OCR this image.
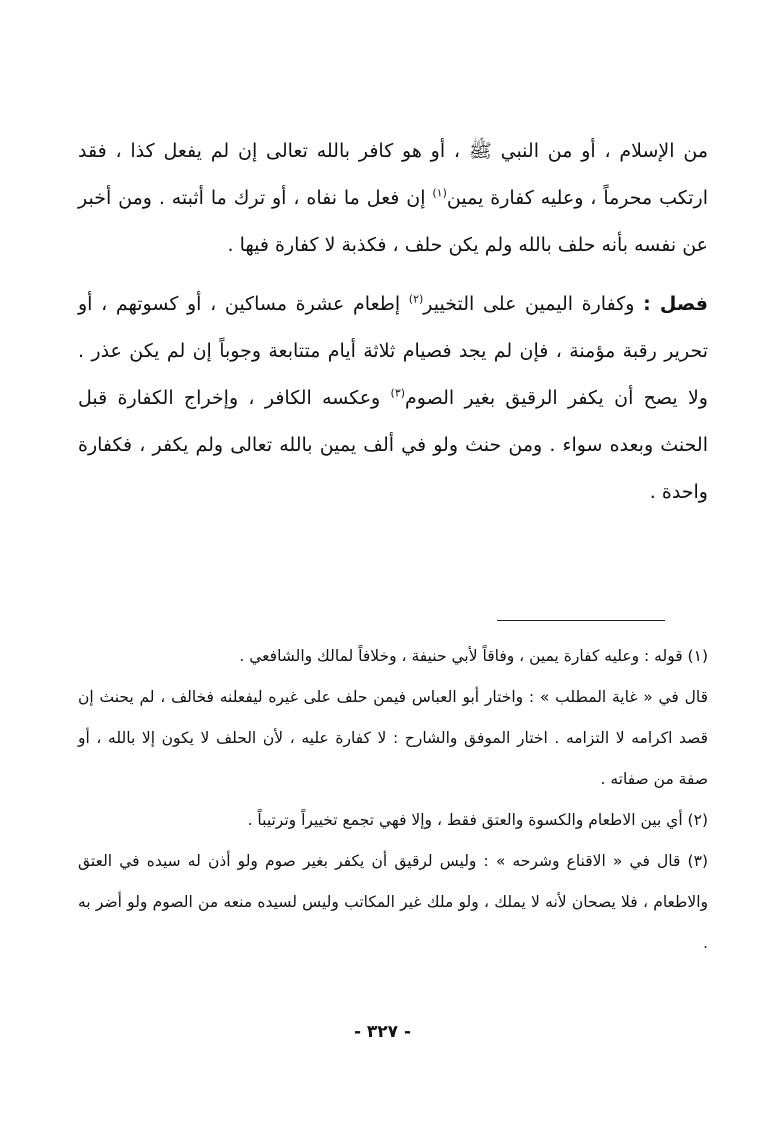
من الإسلام ، أو من النبي ﷺ ، أو هو كافر بالله تعالى إن لم يفعل كذا ، فقد ارتكب محرماً ، وعليه كفارة يمين$^{(١)}$ إن فعل ما نفاه ، أو ترك ما أثبته . ومن أخبر عن نفسه بأنه حلف بالله ولم يكن حلف ، فكذبة لا كفارة فيها .

فصل : وكفارة اليمين على التخيير$^{(٢)}$ إطعام عشرة مساكين ، أو كسوتهم ، أو تحرير رقبة مؤمنة ، فإن لم يجد فصيام ثلاثة أيام متتابعة وجوباً إن لم يكن عذر . ولا يصح أن يكفر الرقيق بغير الصوم$^{(٣)}$ وعكسه الكافر ، وإخراج الكفارة قبل الحنث وبعده سواء . ومن حنث ولو في ألف يمين بالله تعالى ولم يكفر ، فكفارة واحدة .

(١) قوله : وعليه كفارة يمين ، وفاقاً لأبي حنيفة ، وخلافاً لمالك والشافعي .

قال في « غاية المطلب » : واختار أبو العباس فيمن حلف على غيره ليفعلنه فخالف ، لم يحنث إن قصد اكرامه لا التزامه . اختار الموفق والشارح : لا كفارة عليه ، لأن الحلف لا يكون إلا بالله ، أو صفة من صفاته .

(٢) أي بين الاطعام والكسوة والعتق فقط ، وإلا فهي تجمع تخييراً وترتيباً .

(٣) قال في « الاقناع وشرحه » : وليس لرقيق أن يكفر بغير صوم ولو أذن له سيده في العتق والاطعام ، فلا يصحان لأنه لا يملك ، ولو ملك غير المكاتب وليس لسيده منعه من الصوم ولو أضر به .

- ٣٢٧ -
